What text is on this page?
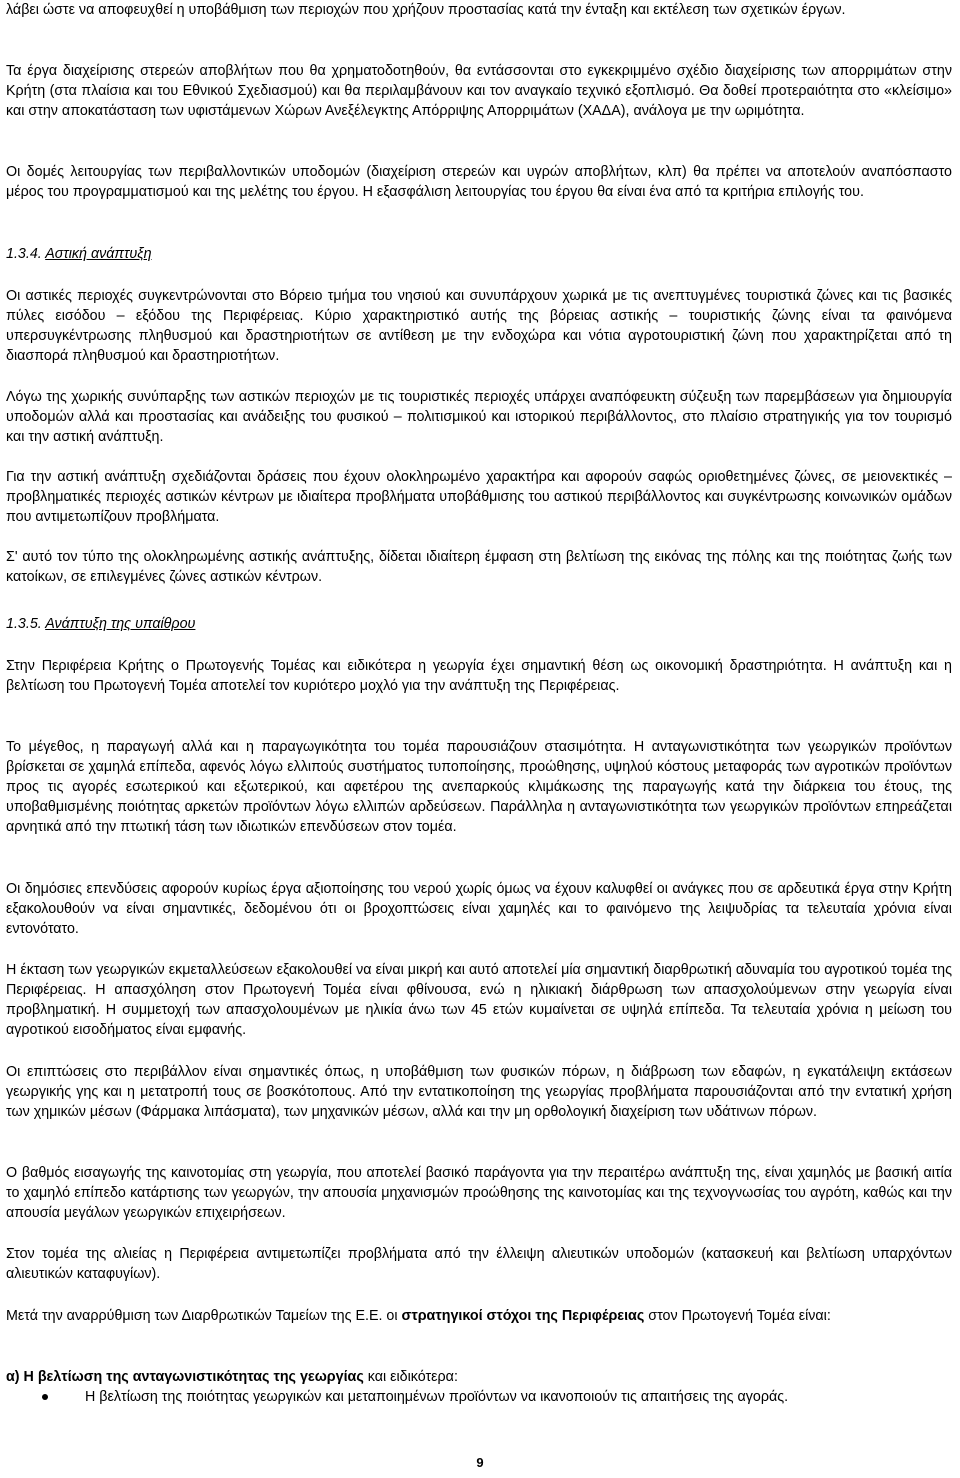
λάβει ώστε να αποφευχθεί η υποβάθμιση των περιοχών που χρήζουν προστασίας κατά την ένταξη και εκτέλεση των σχετικών έργων.

Τα έργα διαχείρισης στερεών αποβλήτων που θα χρηματοδοτηθούν, θα εντάσσονται στο εγκεκριμμένο σχέδιο διαχείρισης των απορριμάτων στην Κρήτη (στα πλαίσια και του Εθνικού Σχεδιασμού) και θα περιλαμβάνουν και τον αναγκαίο τεχνικό εξοπλισμό. Θα δοθεί προτεραιότητα στο «κλείσιμο» και στην αποκατάσταση των υφιστάμενων Χώρων Ανεξέλεγκτης Απόρριψης Απορριμάτων (ΧΑΔΑ), ανάλογα με την ωριμότητα.

Οι δομές λειτουργίας των περιβαλλοντικών υποδομών (διαχείριση στερεών και υγρών αποβλήτων, κλπ) θα πρέπει να αποτελούν αναπόσπαστο μέρος του προγραμματισμού και της μελέτης του έργου. Η εξασφάλιση λειτουργίας του έργου θα είναι ένα από τα κριτήρια επιλογής του.

1.3.4. Αστική ανάπτυξη

Οι αστικές περιοχές συγκεντρώνονται στο Βόρειο τμήμα του νησιού και συνυπάρχουν χωρικά με τις ανεπτυγμένες τουριστικά ζώνες και τις βασικές πύλες εισόδου – εξόδου της Περιφέρειας. Κύριο χαρακτηριστικό αυτής της βόρειας αστικής – τουριστικής ζώνης είναι τα φαινόμενα υπερσυγκέντρωσης πληθυσμού και δραστηριοτήτων σε αντίθεση με την ενδοχώρα και νότια αγροτουριστική ζώνη που χαρακτηρίζεται από τη διασπορά πληθυσμού και δραστηριοτήτων.

Λόγω της χωρικής συνύπαρξης των αστικών περιοχών με τις τουριστικές περιοχές υπάρχει αναπόφευκτη σύζευξη των παρεμβάσεων για δημιουργία υποδομών αλλά και προστασίας και ανάδειξης του φυσικού – πολιτισμικού και ιστορικού περιβάλλοντος, στο πλαίσιο στρατηγικής για τον τουρισμό και την αστική ανάπτυξη.

Για την αστική ανάπτυξη σχεδιάζονται δράσεις που έχουν ολοκληρωμένο χαρακτήρα και αφορούν σαφώς οριοθετημένες ζώνες, σε μειονεκτικές – προβληματικές περιοχές αστικών κέντρων με ιδιαίτερα προβλήματα υποβάθμισης του αστικού περιβάλλοντος και συγκέντρωσης κοινωνικών ομάδων που αντιμετωπίζουν προβλήματα.

Σ' αυτό τον τύπο της ολοκληρωμένης αστικής ανάπτυξης, δίδεται ιδιαίτερη έμφαση στη βελτίωση της εικόνας της πόλης και της ποιότητας ζωής των κατοίκων, σε επιλεγμένες ζώνες αστικών κέντρων.

1.3.5. Ανάπτυξη της υπαίθρου

Στην Περιφέρεια Κρήτης ο Πρωτογενής Τομέας και ειδικότερα η γεωργία έχει σημαντική θέση ως οικονομική δραστηριότητα. Η ανάπτυξη και η βελτίωση του Πρωτογενή Τομέα αποτελεί τον κυριότερο μοχλό για την ανάπτυξη της Περιφέρειας.

Το μέγεθος, η παραγωγή αλλά και η παραγωγικότητα του τομέα παρουσιάζουν στασιμότητα. Η ανταγωνιστικότητα των γεωργικών προϊόντων βρίσκεται σε χαμηλά επίπεδα, αφενός λόγω ελλιπούς συστήματος τυποποίησης, προώθησης, υψηλού κόστους μεταφοράς των αγροτικών προϊόντων προς τις αγορές εσωτερικού και εξωτερικού, και αφετέρου της ανεπαρκούς κλιμάκωσης της παραγωγής κατά την διάρκεια του έτους, της υποβαθμισμένης ποιότητας αρκετών προϊόντων λόγω ελλιπών αρδεύσεων. Παράλληλα η ανταγωνιστικότητα των γεωργικών προϊόντων επηρεάζεται αρνητικά από την πτωτική τάση των ιδιωτικών επενδύσεων στον τομέα.

Οι δημόσιες επενδύσεις αφορούν κυρίως έργα αξιοποίησης του νερού χωρίς όμως να έχουν καλυφθεί οι ανάγκες που σε αρδευτικά έργα στην Κρήτη εξακολουθούν να είναι σημαντικές, δεδομένου ότι οι βροχοπτώσεις είναι χαμηλές και το φαινόμενο της λειψυδρίας τα τελευταία χρόνια είναι εντονότατο.

Η έκταση των γεωργικών εκμεταλλεύσεων εξακολουθεί να είναι μικρή και αυτό αποτελεί μία σημαντική διαρθρωτική αδυναμία του αγροτικού τομέα της Περιφέρειας. Η απασχόληση στον Πρωτογενή Τομέα είναι φθίνουσα, ενώ η ηλικιακή διάρθρωση των απασχολούμενων στην γεωργία είναι προβληματική. Η συμμετοχή των απασχολουμένων με ηλικία άνω των 45 ετών κυμαίνεται σε υψηλά επίπεδα. Τα τελευταία χρόνια η μείωση του αγροτικού εισοδήματος είναι εμφανής.

Οι επιπτώσεις στο περιβάλλον είναι σημαντικές όπως, η υποβάθμιση των φυσικών πόρων, η διάβρωση των εδαφών, η εγκατάλειψη εκτάσεων γεωργικής γης και η μετατροπή τους σε βοσκότοπους. Από την εντατικοποίηση της γεωργίας προβλήματα παρουσιάζονται από την εντατική χρήση των χημικών μέσων (Φάρμακα λιπάσματα), των μηχανικών μέσων, αλλά και την μη ορθολογική διαχείριση των υδάτινων πόρων.

Ο βαθμός εισαγωγής της καινοτομίας στη γεωργία, που αποτελεί βασικό παράγοντα για την περαιτέρω ανάπτυξη της, είναι χαμηλός με βασική αιτία το χαμηλό επίπεδο κατάρτισης των γεωργών, την απουσία μηχανισμών προώθησης της καινοτομίας και της τεχνογνωσίας του αγρότη, καθώς και την απουσία μεγάλων γεωργικών επιχειρήσεων.

Στον τομέα της αλιείας η Περιφέρεια αντιμετωπίζει προβλήματα από την έλλειψη αλιευτικών υποδομών (κατασκευή και βελτίωση υπαρχόντων αλιευτικών καταφυγίων).

Μετά την αναρρύθμιση των Διαρθρωτικών Ταμείων της Ε.Ε. οι στρατηγικοί στόχοι της Περιφέρειας στον Πρωτογενή Τομέα είναι:

α) Η βελτίωση της ανταγωνιστικότητας της γεωργίας και ειδικότερα:

Η βελτίωση της ποιότητας γεωργικών και μεταποιημένων προϊόντων να ικανοποιούν τις απαιτήσεις της αγοράς.
9
